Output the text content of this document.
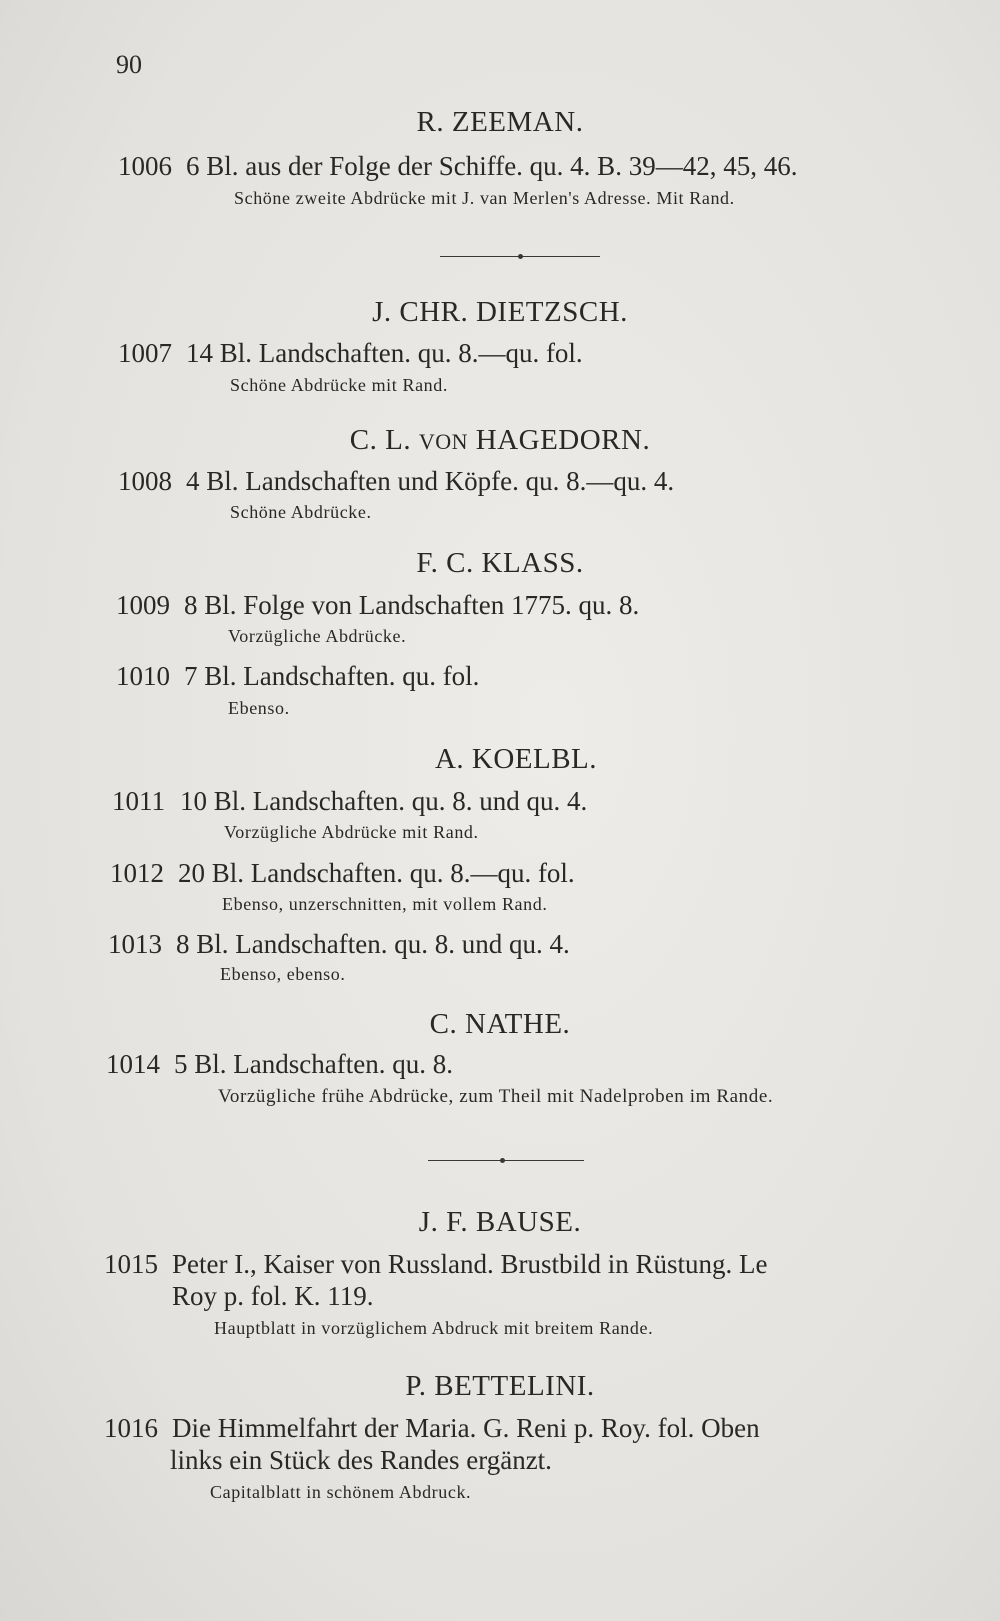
90
R. ZEEMAN.
1006 6 Bl. aus der Folge der Schiffe. qu. 4. B. 39—42, 45, 46.
Schöne zweite Abdrücke mit J. van Merlen's Adresse. Mit Rand.
J. CHR. DIETZSCH.
1007 14 Bl. Landschaften. qu. 8.—qu. fol.
Schöne Abdrücke mit Rand.
C. L. VON HAGEDORN.
1008 4 Bl. Landschaften und Köpfe. qu. 8.—qu. 4.
Schöne Abdrücke.
F. C. KLASS.
1009 8 Bl. Folge von Landschaften 1775. qu. 8.
Vorzügliche Abdrücke.
1010 7 Bl. Landschaften. qu. fol.
Ebenso.
A. KOELBL.
1011 10 Bl. Landschaften. qu. 8. und qu. 4.
Vorzügliche Abdrücke mit Rand.
1012 20 Bl. Landschaften. qu. 8.—qu. fol.
Ebenso, unzerschnitten, mit vollem Rand.
1013 8 Bl. Landschaften. qu. 8. und qu. 4.
Ebenso, ebenso.
C. NATHE.
1014 5 Bl. Landschaften. qu. 8.
Vorzügliche frühe Abdrücke, zum Theil mit Nadelproben im Rande.
J. F. BAUSE.
1015 Peter I., Kaiser von Russland. Brustbild in Rüstung. Le
Roy p. fol. K. 119.
Hauptblatt in vorzüglichem Abdruck mit breitem Rande.
P. BETTELINI.
1016 Die Himmelfahrt der Maria. G. Reni p. Roy. fol. Oben
links ein Stück des Randes ergänzt.
Capitalblatt in schönem Abdruck.
